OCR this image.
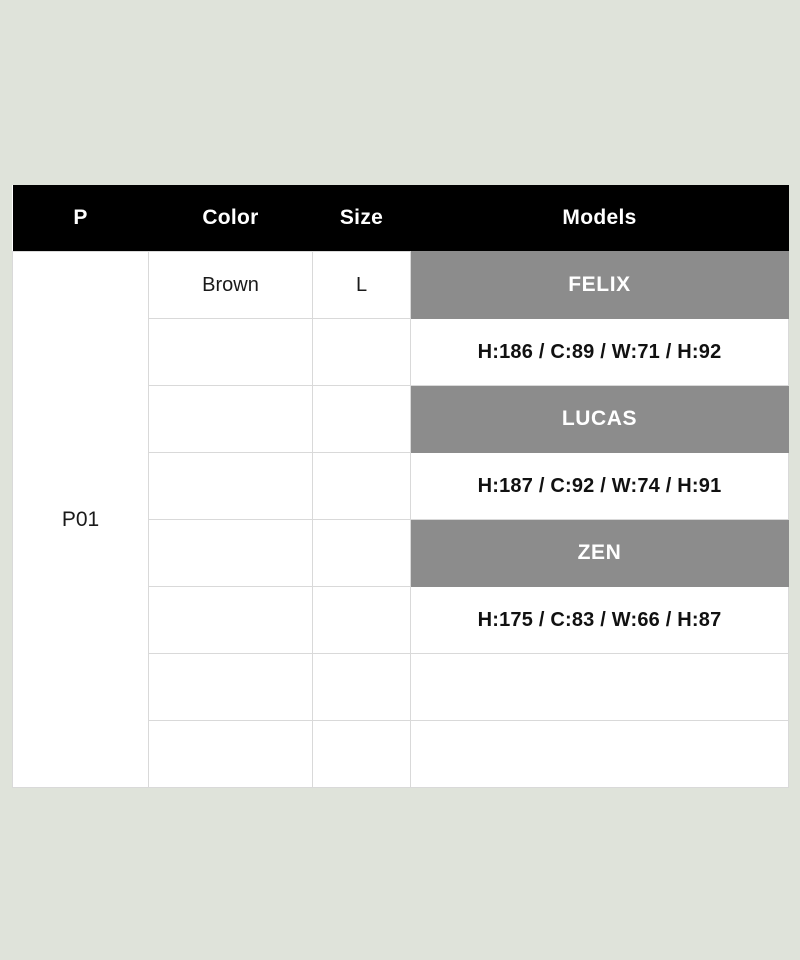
P	Color	Size	Models
P01	Brown	L	FELIX
			H:186 / C:89 / W:71 / H:92
			LUCAS
			H:187 / C:92 / W:74 / H:91
			ZEN
			H:175 / C:83 / W:66 / H:87
